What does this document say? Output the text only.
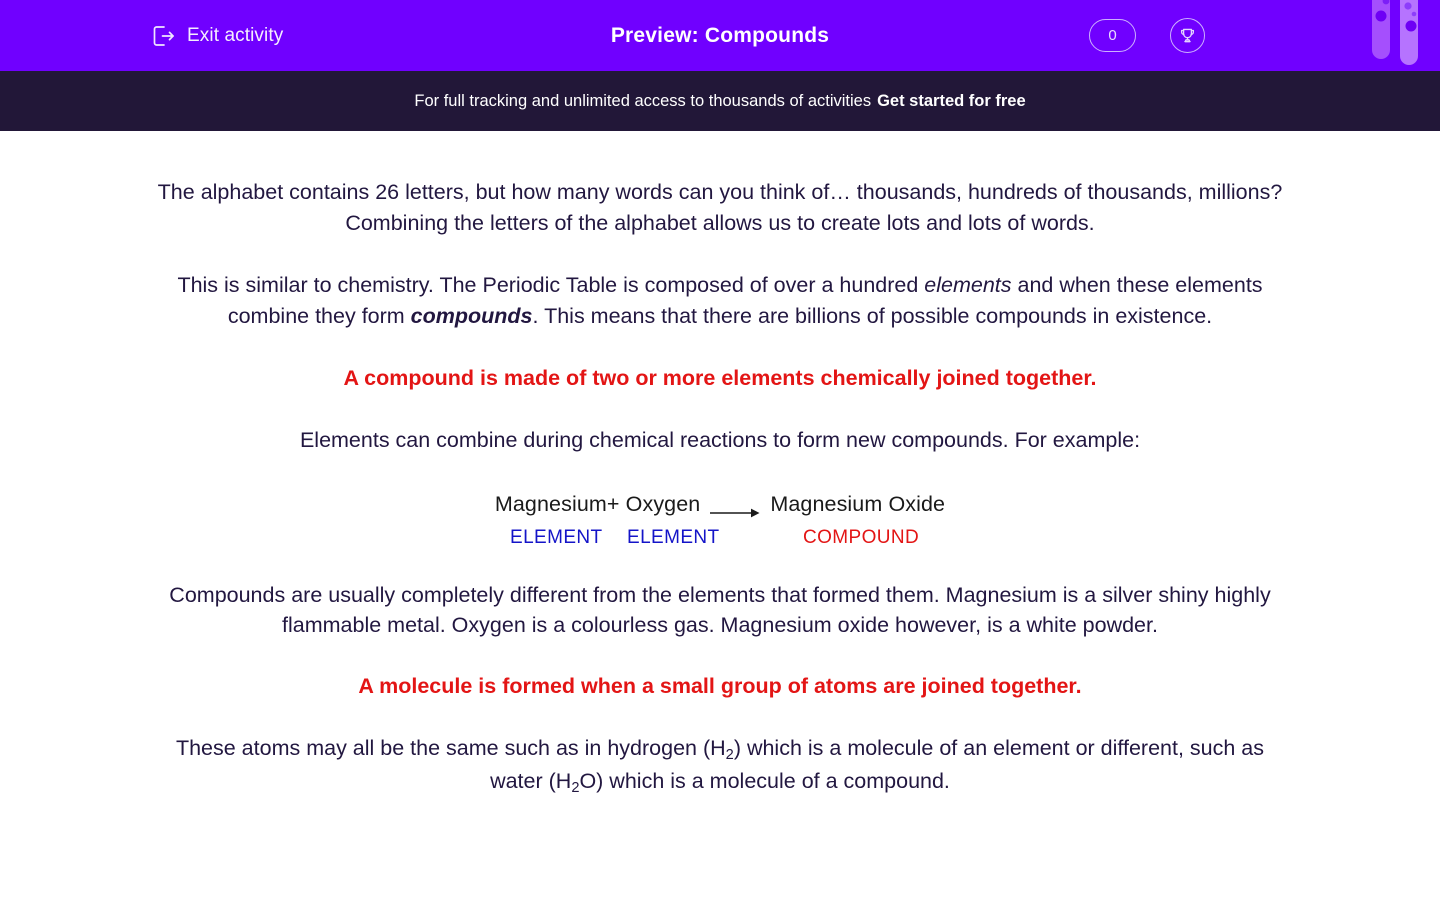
Exit activity	Preview: Compounds	0
For full tracking and unlimited access to thousands of activities Get started for free
The alphabet contains 26 letters, but how many words can you think of… thousands, hundreds of thousands, millions? Combining the letters of the alphabet allows us to create lots and lots of words.
This is similar to chemistry. The Periodic Table is composed of over a hundred elements and when these elements combine they form compounds. This means that there are billions of possible compounds in existence.
A compound is made of two or more elements chemically joined together.
Elements can combine during chemical reactions to form new compounds. For example:
Magnesium +
Oxygen	Magnesium Oxide
ELEMENT ELEMENT	COMPOUND
Compounds are usually completely different from the elements that formed them. Magnesium is a silver shiny highly flammable metal. Oxygen is a colourless gas. Magnesium oxide however, is a white powder.
A molecule is formed when a small group of atoms are joined together.
These atoms may all be the same such as in hydrogen $(H_2)$ which is a molecule of an element or different, such as water $(H_2O)$ which is a molecule of a compound.
